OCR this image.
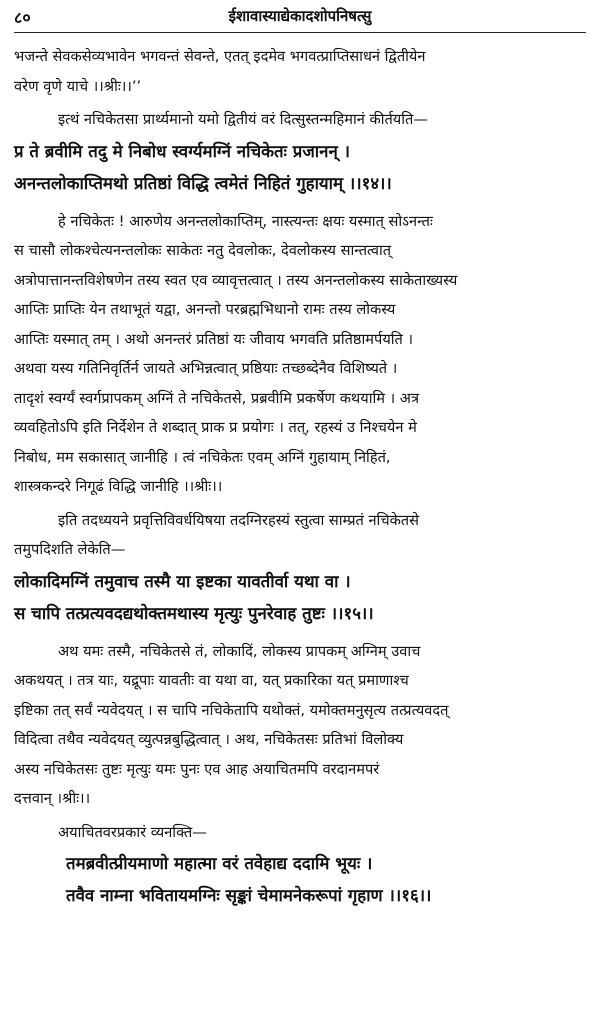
८०	ईशावास्याद्येकादशोपनिषत्सु
भजन्ते सेवकसेव्यभावेन भगवन्तं सेवन्ते, एतत् इदमेव भगवत्प्राप्तिसाधनं द्वितीयेन
वरेण वृणे याचे ।।श्रीः।।’’
इत्थं नचिकेतसा प्रार्थ्यमानो यमो द्वितीयं वरं दित्सुस्तन्महिमानं कीर्तयति—
प्र ते ब्रवीमि तदु मे निबोध स्वर्ग्यमग्निं नचिकेतः प्रजानन् ।
अनन्तलोकाप्तिमथो प्रतिष्ठां विद्धि त्वमेतं निहितं गुहायाम् ।।१४।।
हे नचिकेतः ! आरुणेय अनन्तलोकाप्तिम्, नास्त्यन्तः क्षयः यस्मात् सोऽनन्तः
स चासौ लोकश्चेत्यनन्तलोकः साकेतः नतु देवलोकः, देवलोकस्य सान्तत्वात्
अत्रोपात्तानन्तविशेषणेन तस्य स्वत एव व्यावृत्तत्वात् । तस्य अनन्तलोकस्य साकेताख्यस्य
आप्तिः प्राप्तिः येन तथाभूतं यद्वा, अनन्तो परब्रह्मभिधानो रामः तस्य लोकस्य
आप्तिः यस्मात् तम् । अथो अनन्तरं प्रतिष्ठां यः जीवाय भगवति प्रतिष्ठामर्पयति ।
अथवा यस्य गतिनिवृर्तिर्न जायते अभिन्नत्वात् प्रष्ठियाः तच्छब्देनैव विशिष्यते ।
तादृशं स्वर्ग्यं स्वर्गप्रापकम् अग्निं ते नचिकेतसे, प्रब्रवीमि प्रकर्षेण कथयामि । अत्र
व्यवहितोऽपि इति निर्देशेन ते शब्दात् प्राक प्र प्रयोगः । तत्, रहस्यं उ निश्चयेन मे
निबोध, मम सकासात् जानीहि । त्वं नचिकेतः एवम् अग्निं गुहायाम् निहितं,
शास्त्रकन्दरे निगूढं विद्धि जानीहि ।।श्रीः।।
इति तदध्ययने प्रवृत्तिविवर्धयिषया तदग्निरहस्यं स्तुत्वा साम्प्रतं नचिकेतसे
तमुपदिशति लेकेति—
लोकादिमग्निं तमुवाच तस्मै या इष्टका यावतीर्वा यथा वा ।
स चापि तत्प्रत्यवदद्यथोक्तमथास्य मृत्युः पुनरेवाह तुष्टः ।।१५।।
अथ यमः तस्मै, नचिकेतसे तं, लोकादिं, लोकस्य प्रापकम् अग्निम् उवाच
अकथयत् । तत्र याः, यद्रूपाः यावतीः वा यथा वा, यत् प्रकारिका यत् प्रमाणाश्च
इष्टिका तत् सर्वं न्यवेदयत् । स चापि नचिकेतापि यथोक्तं, यमोक्तमनुसृत्य तत्प्रत्यवदत्
विदित्वा तथैव न्यवेदयत् व्युत्पन्नबुद्धित्वात् । अथ, नचिकेतसः प्रतिभां विलोक्य
अस्य नचिकेतसः तुष्टः मृत्युः यमः पुनः एव आह अयाचितमपि वरदानमपरं
दत्तवान् ।श्रीः।।
अयाचितवरप्रकारं व्यनक्ति—
तमब्रवीत्प्रीयमाणो महात्मा वरं तवेहाद्य ददामि भूयः ।
तवैव नाम्ना भवितायमग्निः सृङ्कां चेमामनेकरूपां गृहाण ।।१६।।
